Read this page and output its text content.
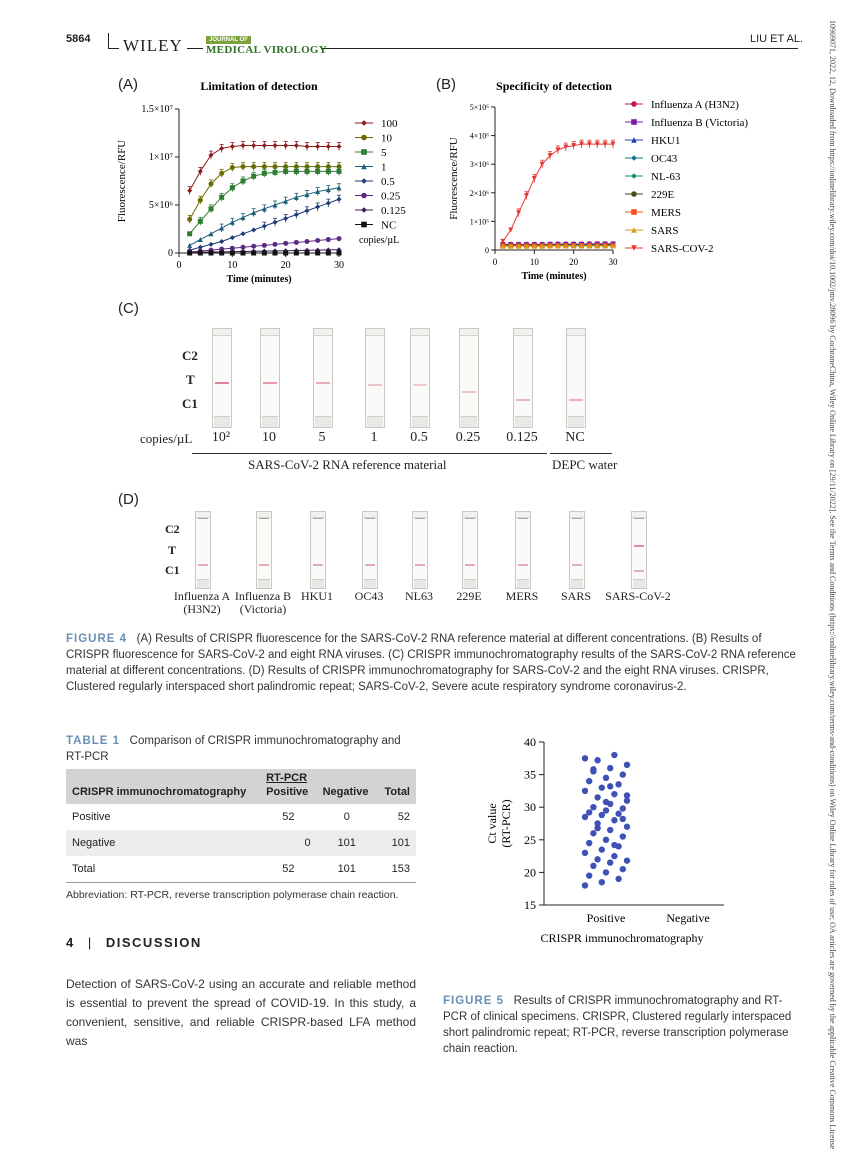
5864 WILEY	JOURNAL OF
MEDICAL VIROLOGY
LIU ET AL.	10969071, 2022, 12, Downloaded from https://onlinelibrary.wiley.com/doi/10.1002/jmv.28096 by CochraneChina, Wiley Online Library on [29/11/2022]. See the Terms and Conditions (https://onlinelibrary.wiley.com/terms-and-conditions) on Wiley Online Library for rules of use; OA articles are governed by the applicable Creative Commons License
(A)	(B)
(C)
(D)
Limitation of detection
0	10	20	30
0
5×10⁶
1×10⁷
1.5×10⁷
Time (minutes)
Fluorescence/RFU
100
10
5
1
0.5
0.25
0.125
NC
copies/µL
Specificity of detection
0	10	20	30
0
1×10⁶
2×10⁶
3×10⁶
4×10⁶
5×10⁶
Time (minutes)
Fluorescence/RFU
Influenza A (H3N2)
Influenza B (Victoria)
HKU1
OC43
NL-63
229E
MERS
SARS
SARS-COV-2
C2
T
C1
copies/µL
SARS-CoV-2 RNA reference material	DEPC water
10²	10	5	1	0.5	0.25	0.125	NC
C2
T
C1
Influenza A
(H3N2)
Influenza B
(Victoria)
HKU1	OC43	NL63	229E	MERS	SARS	SARS-CoV-2
FIGURE 4 (A) Results of CRISPR fluorescence for the SARS-CoV-2 RNA reference material at different concentrations. (B) Results of CRISPR fluorescence for SARS-CoV-2 and eight RNA viruses. (C) CRISPR immunochromatography results of the SARS-CoV-2 RNA reference material at different concentrations. (D) Results of CRISPR immunochromatography for SARS-CoV-2 and the eight RNA viruses. CRISPR, Clustered regularly interspaced short palindromic repeat; SARS-CoV-2, Severe acute respiratory syndrome coronavirus-2.
TABLE 1 Comparison of CRISPR immunochromatography and RT-PCR
	RT-PCR		
CRISPR immunochromatography	Positive	Negative	Total
Positive	52	0	52
Negative	0	101	101
Total	52	101	153
Abbreviation: RT-PCR, reverse transcription polymerase chain reaction.
4 | DISCUSSION
Detection of SARS-CoV-2 using an accurate and reliable method is essential to prevent the spread of COVID-19. In this study, a convenient, sensitive, and reliable CRISPR-based LFA method was
15
20
25
30
35
40
Positive	Negative
CRISPR immunochromatography
Ct value (RT-PCR)
FIGURE 5 Results of CRISPR immunochromatography and RT-PCR of clinical specimens. CRISPR, Clustered regularly interspaced short palindromic repeat; RT-PCR, reverse transcription polymerase chain reaction.
